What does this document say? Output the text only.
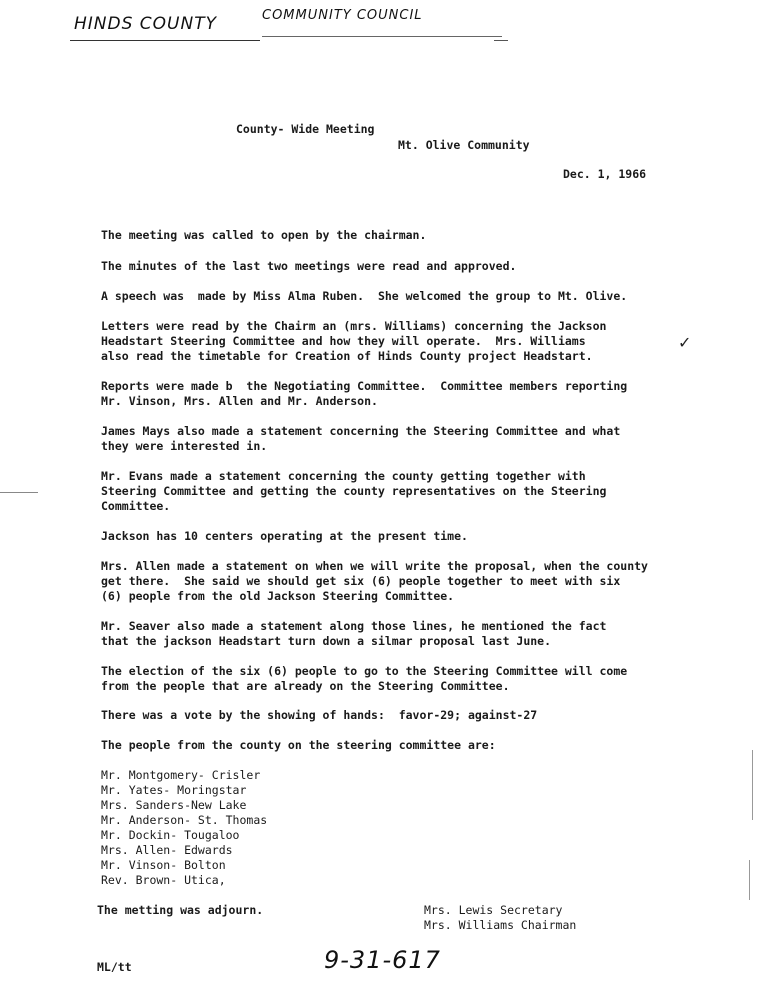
HINDS COUNTY	COMMUNITY COUNCIL
County- Wide Meeting
Mt. Olive Community
Dec. 1, 1966
The meeting was called to open by the chairman.
The minutes of the last two meetings were read and approved.
A speech was  made by Miss Alma Ruben.  She welcomed the group to Mt. Olive.
Letters were read by the Chairm an (mrs. Williams) concerning the Jackson
Headstart Steering Committee and how they will operate.  Mrs. Williams
also read the timetable for Creation of Hinds County project Headstart.
Reports were made b  the Negotiating Committee.  Committee members reporting
Mr. Vinson, Mrs. Allen and Mr. Anderson.
James Mays also made a statement concerning the Steering Committee and what
they were interested in.
Mr. Evans made a statement concerning the county getting together with
Steering Committee and getting the county representatives on the Steering
Committee.
Jackson has 10 centers operating at the present time.
Mrs. Allen made a statement on when we will write the proposal, when the county
get there.  She said we should get six (6) people together to meet with six
(6) people from the old Jackson Steering Committee.
Mr. Seaver also made a statement along those lines, he mentioned the fact
that the jackson Headstart turn down a silmar proposal last June.
The election of the six (6) people to go to the Steering Committee will come
from the people that are already on the Steering Committee.
There was a vote by the showing of hands:  favor-29; against-27
The people from the county on the steering committee are:
Mr. Montgomery- Crisler
Mr. Yates- Moringstar
Mrs. Sanders-New Lake
Mr. Anderson- St. Thomas
Mr. Dockin- Tougaloo
Mrs. Allen- Edwards
Mr. Vinson- Bolton
Rev. Brown- Utica,
The metting was adjourn.	Mrs. Lewis Secretary
Mrs. Williams Chairman
ML/tt	9-31-617
✓
